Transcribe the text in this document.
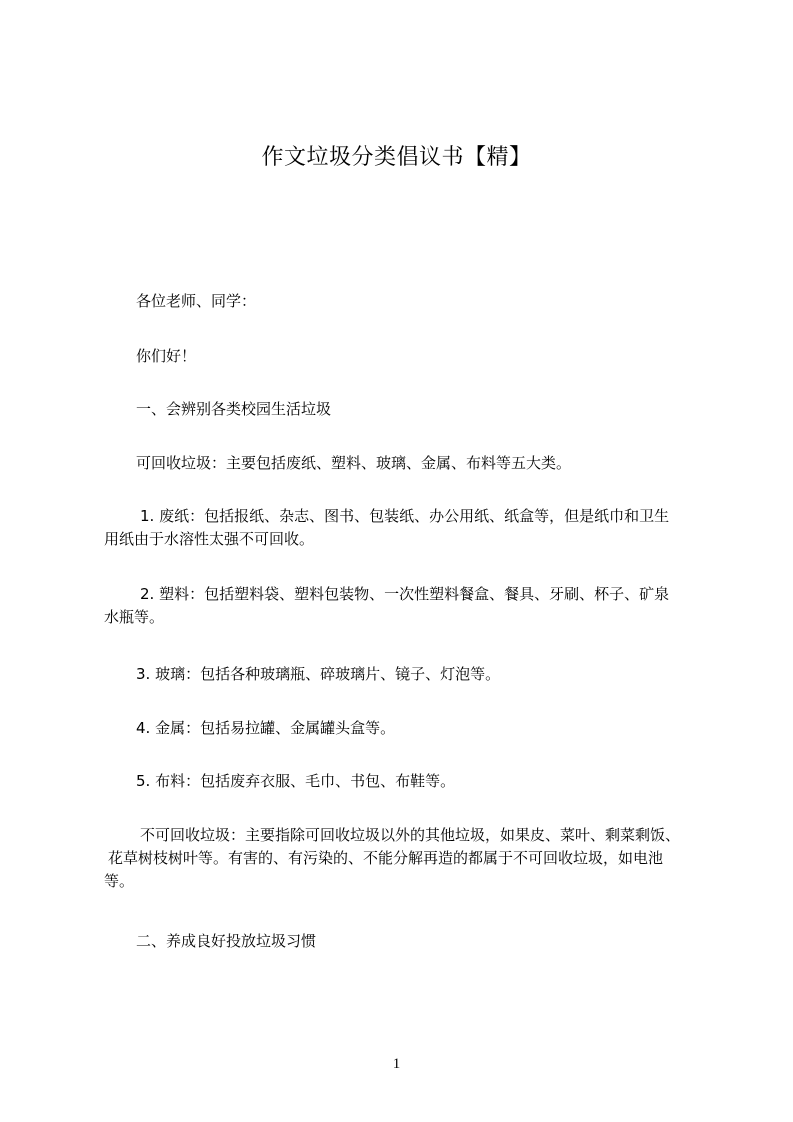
作文垃圾分类倡议书【精】
各位老师、同学：
你们好！
一、会辨别各类校园生活垃圾
可回收垃圾：主要包括废纸、塑料、玻璃、金属、布料等五大类。
1. 废纸：包括报纸、杂志、图书、包装纸、办公用纸、纸盒等，但是纸巾和卫生
用纸由于水溶性太强不可回收。
2. 塑料：包括塑料袋、塑料包装物、一次性塑料餐盒、餐具、牙刷、杯子、矿泉
水瓶等。
3. 玻璃：包括各种玻璃瓶、碎玻璃片、镜子、灯泡等。
4. 金属：包括易拉罐、金属罐头盒等。
5. 布料：包括废弃衣服、毛巾、书包、布鞋等。
不可回收垃圾：主要指除可回收垃圾以外的其他垃圾，如果皮、菜叶、剩菜剩饭、
花草树枝树叶等。有害的、有污染的、不能分解再造的都属于不可回收垃圾，如电池
等。
二、养成良好投放垃圾习惯
1
